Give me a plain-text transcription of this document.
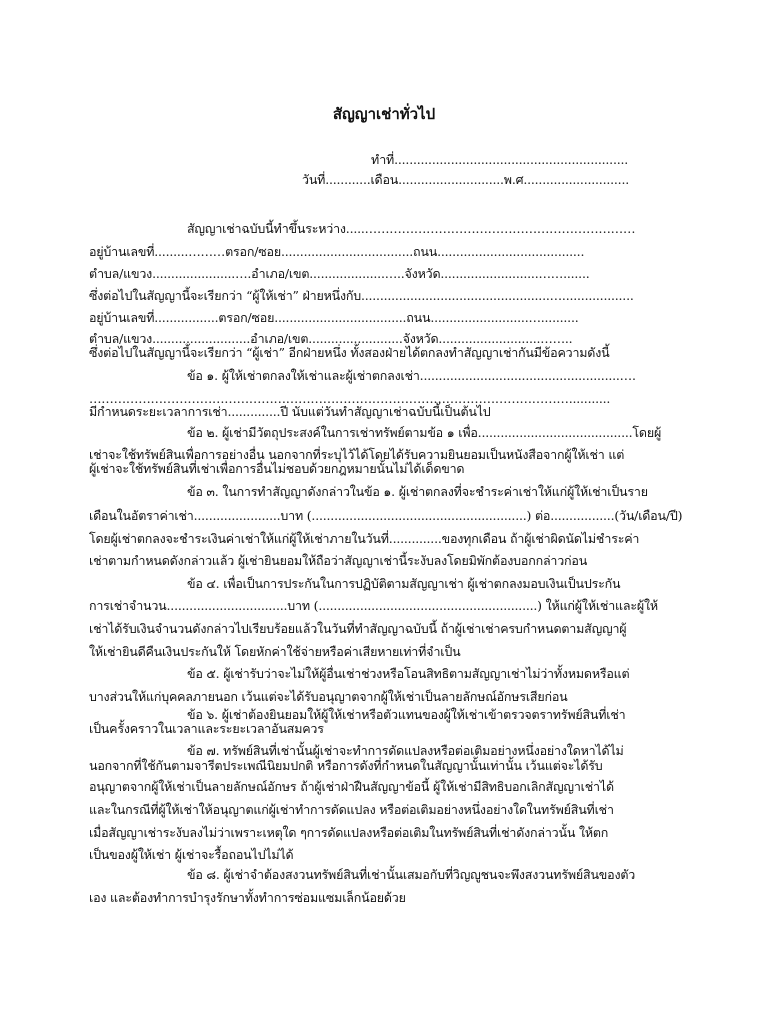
สัญญาเช่าทั่วไป
ทำที่..............................................................
วันที่............เดือน............................พ.ศ............................
สัญญาเช่าฉบับนี้ทำขึ้นระหว่าง.....…………………………………………………………
อยู่บ้านเลขที่.........………ตรอก/ซอย...................................ถนน.......................................
ตำบล/แขวง......................….อำเภอ/เขต....................…..จังหวัด..........................…….......
ซึ่งต่อไปในสัญญานี้จะเรียกว่า “ผู้ให้เช่า” ฝ่ายหนึ่งกับ..................................................…...................
อยู่บ้านเลขที่.................ตรอก/ซอย...................................ถนน..........................…..........
ตำบล/แขวง..........................อำเภอ/เขต.........................จังหวัด...........................……..
ซึ่งต่อไปในสัญญานี้จะเรียกว่า “ผู้เช่า” อีกฝ่ายหนึ่ง ทั้งสองฝ่ายได้ตกลงทำสัญญาเช่ากันมีข้อความดังนี้
ข้อ ๑. ผู้ให้เช่าตกลงให้เช่าและผู้เช่าตกลงเช่า.....................................................….
………………………………………………………………………………………………………...........
มีกำหนดระยะเวลาการเช่า..............ปี นับแต่วันทำสัญญาเช่าฉบับนี้เป็นต้นไป
ข้อ ๒. ผู้เช่ามีวัตถุประสงค์ในการเช่าทรัพย์ตามข้อ ๑ เพื่อ.........................................โดยผู้
เช่าจะใช้ทรัพย์สินเพื่อการอย่างอื่น นอกจากที่ระบุไว้ได้โดยได้รับความยินยอมเป็นหนังสือจากผู้ให้เช่า แต่
ผู้เช่าจะใช้ทรัพย์สินที่เช่าเพื่อการอื่นไม่ชอบด้วยกฎหมายนั้นไม่ได้เด็ดขาด
ข้อ ๓. ในการทำสัญญาดังกล่าวในข้อ ๑. ผู้เช่าตกลงที่จะชำระค่าเช่าให้แก่ผู้ให้เช่าเป็นราย
เดือนในอัตราค่าเช่า.......................บาท (.........................................................) ต่อ.................(วัน/เดือน/ปี)
โดยผู้เช่าตกลงจะชำระเงินค่าเช่าให้แก่ผู้ให้เช่าภายในวันที่..............ของทุกเดือน ถ้าผู้เช่าผิดนัดไม่ชำระค่า
เช่าตามกำหนดดังกล่าวแล้ว ผู้เช่ายินยอมให้ถือว่าสัญญาเช่านี้ระงับลงโดยมิพักต้องบอกกล่าวก่อน
ข้อ ๔. เพื่อเป็นการประกันในการปฏิบัติตามสัญญาเช่า ผู้เช่าตกลงมอบเงินเป็นประกัน
การเช่าจำนวน................................บาท (..........................................................) ให้แก่ผู้ให้เช่าและผู้ให้
เช่าได้รับเงินจำนวนดังกล่าวไปเรียบร้อยแล้วในวันที่ทำสัญญาฉบับนี้ ถ้าผู้เช่าเช่าครบกำหนดตามสัญญาผู้
ให้เช่ายินดีคืนเงินประกันให้ โดยหักค่าใช้จ่ายหรือค่าเสียหายเท่าที่จำเป็น
ข้อ ๕. ผู้เช่ารับว่าจะไม่ให้ผู้อื่นเช่าช่วงหรือโอนสิทธิตามสัญญาเช่าไม่ว่าทั้งหมดหรือแต่
บางส่วนให้แก่บุคคลภายนอก เว้นแต่จะได้รับอนุญาตจากผู้ให้เช่าเป็นลายลักษณ์อักษรเสียก่อน
ข้อ ๖. ผู้เช่าต้องยินยอมให้ผู้ให้เช่าหรือตัวแทนของผู้ให้เช่าเข้าตรวจตราทรัพย์สินที่เช่า
เป็นครั้งคราวในเวลาและระยะเวลาอันสมควร
ข้อ ๗. ทรัพย์สินที่เช่านั้นผู้เช่าจะทำการดัดแปลงหรือต่อเติมอย่างหนึ่งอย่างใดหาได้ไม่
นอกจากที่ใช้กันตามจารีตประเพณีนิยมปกติ หรือการดังที่กำหนดในสัญญานั้นเท่านั้น เว้นแต่จะได้รับ
อนุญาตจากผู้ให้เช่าเป็นลายลักษณ์อักษร ถ้าผู้เช่าฝ่าฝืนสัญญาข้อนี้ ผู้ให้เช่ามีสิทธิบอกเลิกสัญญาเช่าได้
และในกรณีที่ผู้ให้เช่าให้อนุญาตแก่ผู้เช่าทำการดัดแปลง หรือต่อเติมอย่างหนึ่งอย่างใดในทรัพย์สินที่เช่า
เมื่อสัญญาเช่าระงับลงไม่ว่าเพราะเหตุใด ๆการดัดแปลงหรือต่อเติมในทรัพย์สินที่เช่าดังกล่าวนั้น ให้ตก
เป็นของผู้ให้เช่า ผู้เช่าจะรื้อถอนไปไม่ได้
ข้อ ๘. ผู้เช่าจำต้องสงวนทรัพย์สินที่เช่านั้นเสมอกับที่วิญญูชนจะพึงสงวนทรัพย์สินของตัว
เอง และต้องทำการบำรุงรักษาทั้งทำการซ่อมแซมเล็กน้อยด้วย
